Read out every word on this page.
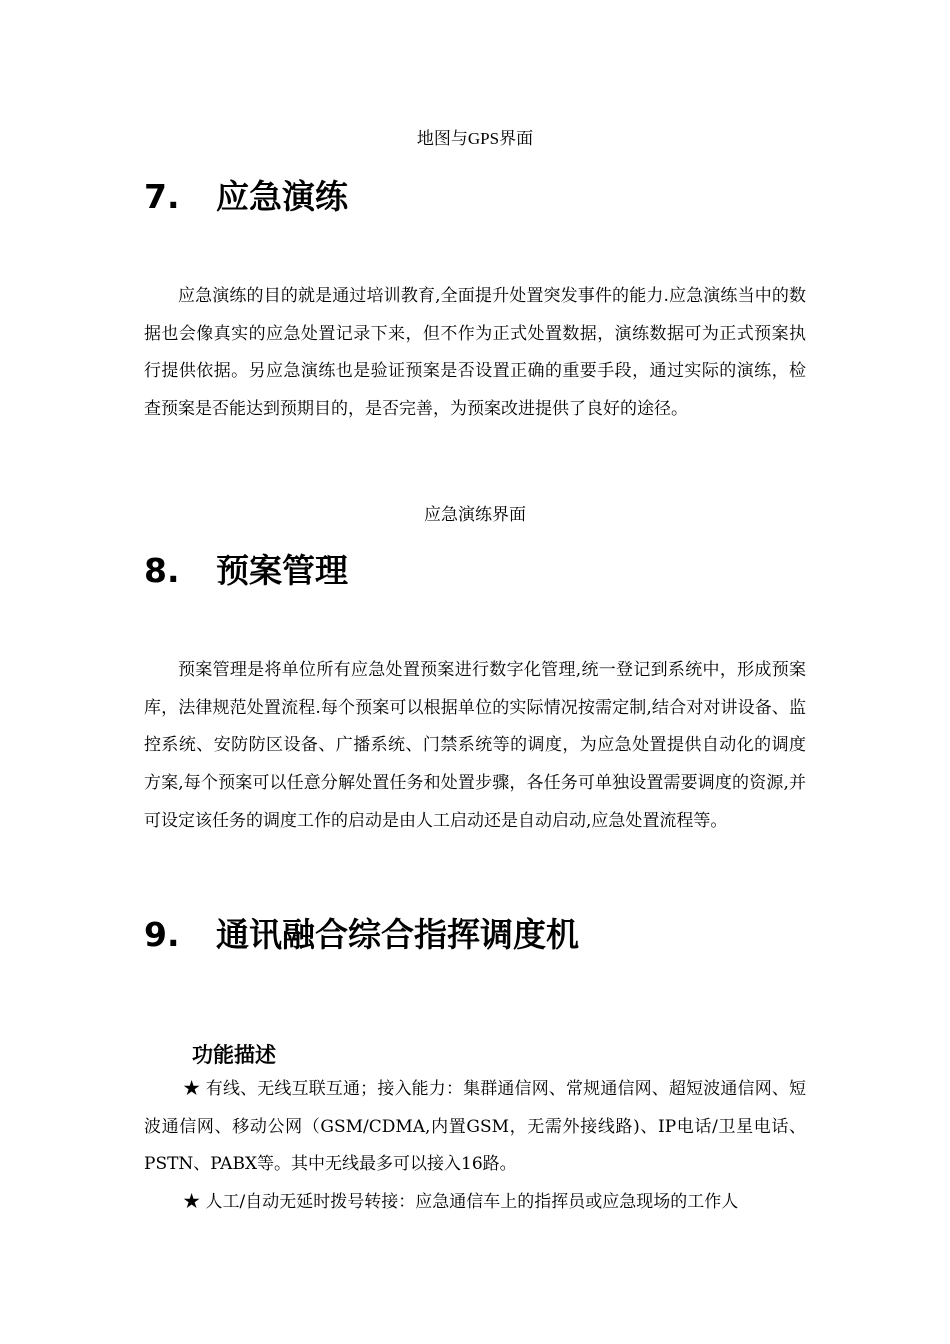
地图与GPS界面
7. 应急演练

应急演练的目的就是通过培训教育,全面提升处置突发事件的能力.应急演练当中的数据也会像真实的应急处置记录下来，但不作为正式处置数据，演练数据可为正式预案执行提供依据。另应急演练也是验证预案是否设置正确的重要手段，通过实际的演练，检查预案是否能达到预期目的，是否完善，为预案改进提供了良好的途径。

应急演练界面
8. 预案管理

预案管理是将单位所有应急处置预案进行数字化管理,统一登记到系统中，形成预案库，法律规范处置流程.每个预案可以根据单位的实际情况按需定制,结合对对讲设备、监控系统、安防防区设备、广播系统、门禁系统等的调度，为应急处置提供自动化的调度方案,每个预案可以任意分解处置任务和处置步骤，各任务可单独设置需要调度的资源,并可设定该任务的调度工作的启动是由人工启动还是自动启动,应急处置流程等。

9. 通讯融合综合指挥调度机
功能描述

★ 有线、无线互联互通；接入能力：集群通信网、常规通信网、超短波通信网、短波通信网、移动公网（GSM/CDMA,内置GSM，无需外接线路)、IP电话/卫星电话、PSTN、PABX等。其中无线最多可以接入16路。

★ 人工/自动无延时拨号转接：应急通信车上的指挥员或应急现场的工作人
